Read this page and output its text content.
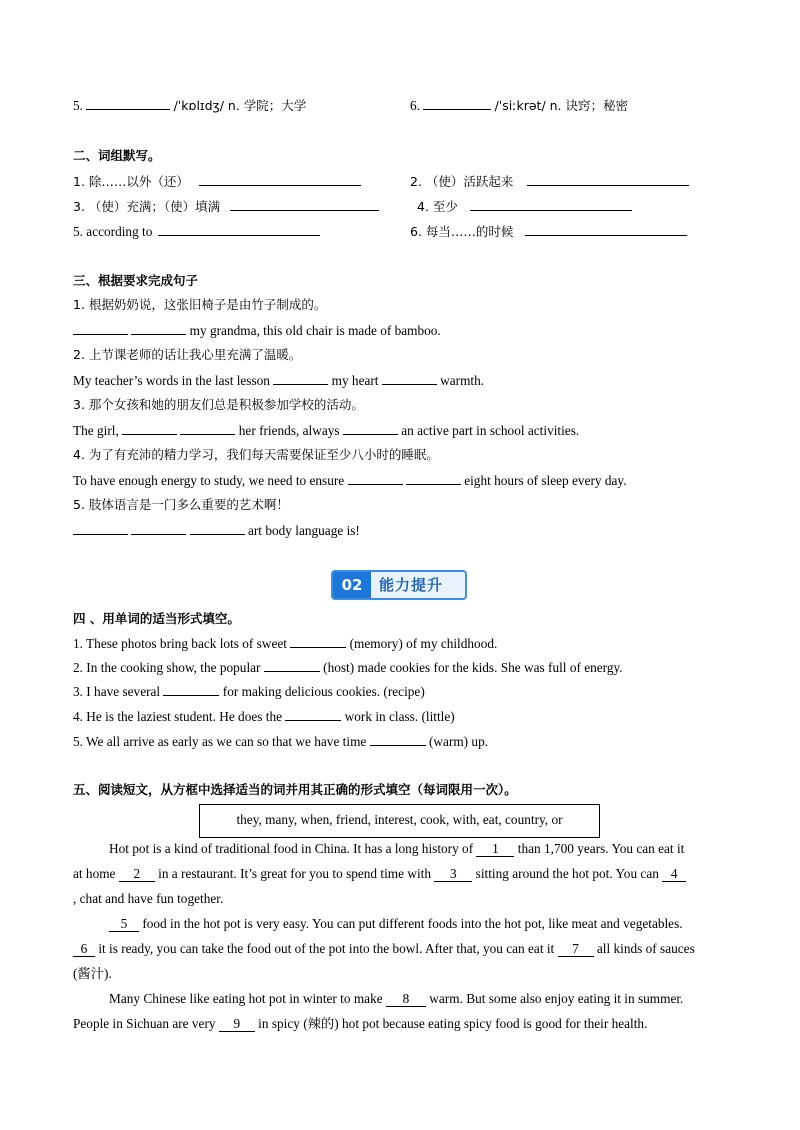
5.	/ˈkɒlɪdʒ/ n. 学院；大学	6.	/ˈsiːkrət/ n. 诀窍；秘密
二、词组默写。
1. 除……以外（还）	2. （使）活跃起来
3. （使）充满；（使）填满	4. 至少
5. according to	6. 每当……的时候
三、根据要求完成句子
1. 根据奶奶说，这张旧椅子是由竹子制成的。
my grandma, this old chair is made of bamboo.
2. 上节课老师的话让我心里充满了温暖。
My teacher’s words in the last lesson	my heart	warmth.
3. 那个女孩和她的朋友们总是积极参加学校的活动。
The girl,	her friends, always	an active part in school activities.
4. 为了有充沛的精力学习，我们每天需要保证至少八小时的睡眠。
To have enough energy to study, we need to ensure	eight hours of sleep every day.
5. 肢体语言是一门多么重要的艺术啊！
art body language is!
02	能力提升
四 、用单词的适当形式填空。
1. These photos bring back lots of sweet	(memory) of my childhood.
2. In the cooking show, the popular	(host) made cookies for the kids. She was full of energy.
3. I have several	for making delicious cookies. (recipe)
4. He is the laziest student. He does the	work in class. (little)
5. We all arrive as early as we can so that we have time	(warm) up.
五、阅读短文，从方框中选择适当的词并用其正确的形式填空（每词限用一次）。
they, many, when, friend, interest, cook, with, eat, country, or
Hot pot is a kind of traditional food in China. It has a long history of 1 than 1,700 years. You can eat it
at home 2 in a restaurant. It’s great for you to spend time with 3 sitting around the hot pot. You can 4
, chat and have fun together.
5 food in the hot pot is very easy. You can put different foods into the hot pot, like meat and vegetables.
6 it is ready, you can take the food out of the pot into the bowl. After that, you can eat it 7 all kinds of sauces
(酱汁).
Many Chinese like eating hot pot in winter to make 8 warm. But some also enjoy eating it in summer.
People in Sichuan are very 9 in spicy (辣的) hot pot because eating spicy food is good for their health.
